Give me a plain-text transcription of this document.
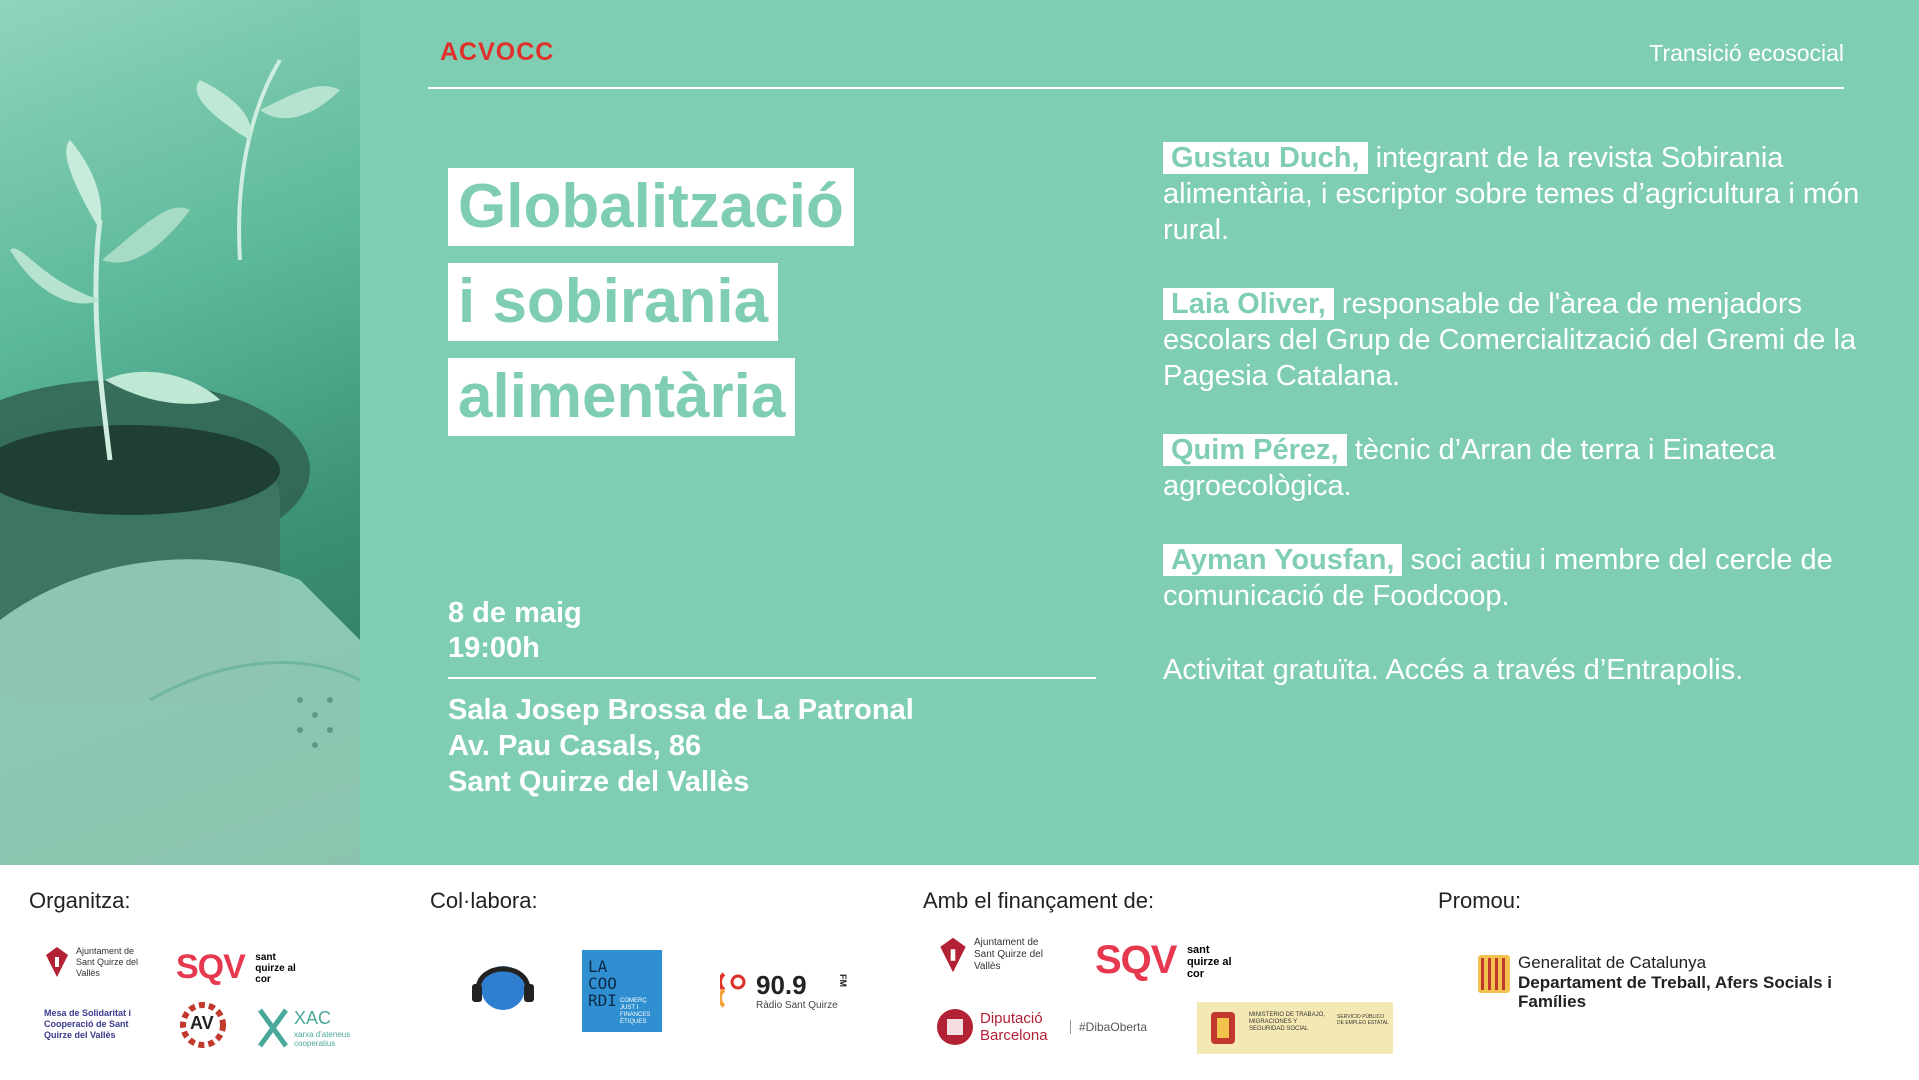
ACVOCC	Transició ecosocial
Globalització
i sobirania
alimentària
8 de maig
19:00h
Sala Josep Brossa de La Patronal
Av. Pau Casals, 86
Sant Quirze del Vallès
Gustau Duch, integrant de la revista Sobirania alimentària, i escriptor sobre temes d’agricultura i món rural.
Laia Oliver, responsable de l'àrea de menjadors escolars del Grup de Comercialització del Gremi de la Pagesia Catalana.
Quim Pérez, tècnic d’Arran de terra i Einateca agroecològica.
Ayman Yousfan, soci actiu i membre del cercle de comunicació de Foodcoop.
Activitat gratuïta. Accés a través d’Entrapolis.
Organitza:	Col·labora:	Amb el finançament de:	Promou:
Ajuntament de Sant Quirze del Vallès	SQV sant quirze al cor
Mesa de Solidaritat i Cooperació de Sant Quirze del Vallès
AV	XAC
xarxa d'ateneus cooperatius
LA COO RDI COMERÇ JUST I FINANCES ÈTIQUES
90.9	FM
Ràdio Sant Quirze
Ajuntament de Sant Quirze del Vallès	SQV sant quirze al cor
Diputació Barcelona	#DibaOberta
MINISTERIO DE TRABAJO, MIGRACIONES Y SEGURIDAD SOCIAL
SERVICIO PÚBLICO DE EMPLEO ESTATAL
Generalitat de Catalunya
Departament de Treball, Afers Socials i Famílies
